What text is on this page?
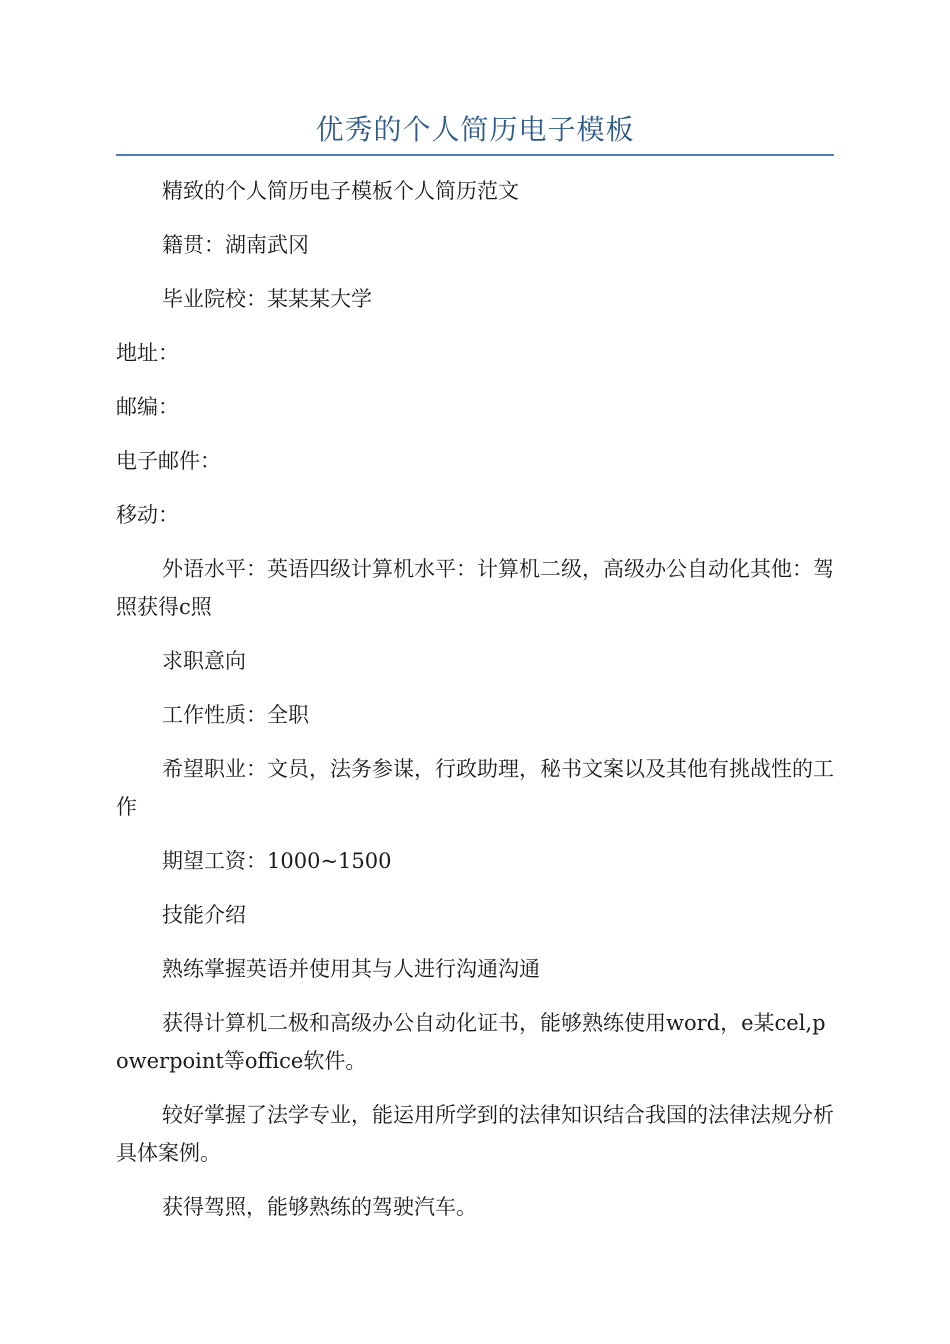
优秀的个人简历电子模板

精致的个人简历电子模板个人简历范文

籍贯：湖南武冈

毕业院校：某某某大学

地址：

邮编：

电子邮件：

移动：

外语水平：英语四级计算机水平：计算机二级，高级办公自动化其他：驾照获得c照

求职意向

工作性质：全职

希望职业：文员，法务参谋，行政助理，秘书文案以及其他有挑战性的工作

期望工资：1000~1500

技能介绍

熟练掌握英语并使用其与人进行沟通沟通

获得计算机二极和高级办公自动化证书，能够熟练使用word，e某cel,powerpoint等office软件。

较好掌握了法学专业，能运用所学到的法律知识结合我国的法律法规分析具体案例。

获得驾照，能够熟练的驾驶汽车。
